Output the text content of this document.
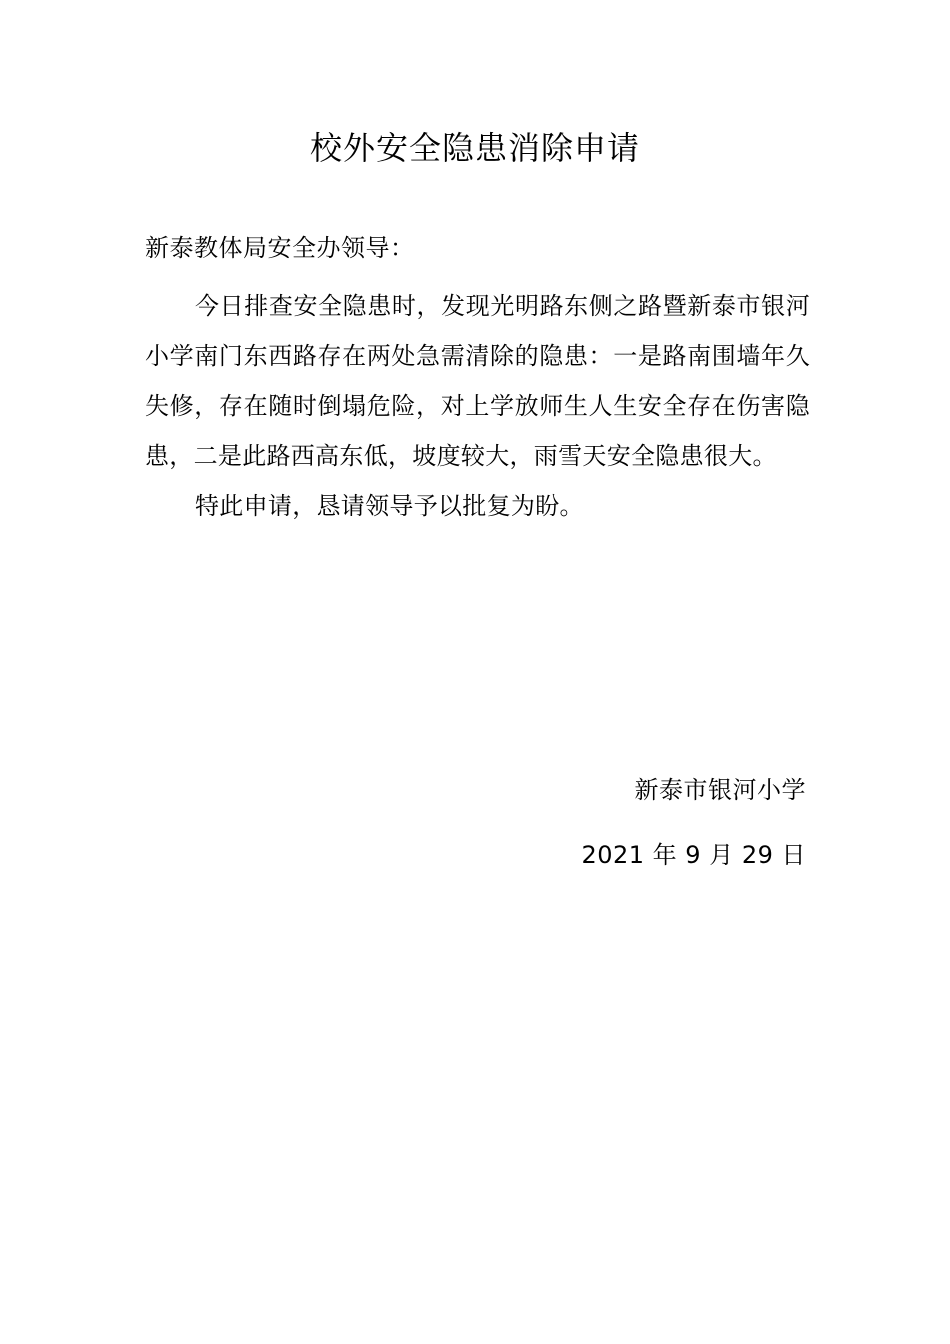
校外安全隐患消除申请

新泰教体局安全办领导：

今日排查安全隐患时，发现光明路东侧之路暨新泰市银河小学南门东西路存在两处急需清除的隐患：一是路南围墙年久失修，存在随时倒塌危险，对上学放师生人生安全存在伤害隐患，二是此路西高东低，坡度较大，雨雪天安全隐患很大。

特此申请，恳请领导予以批复为盼。

新泰市银河小学

2021 年 9 月 29 日
